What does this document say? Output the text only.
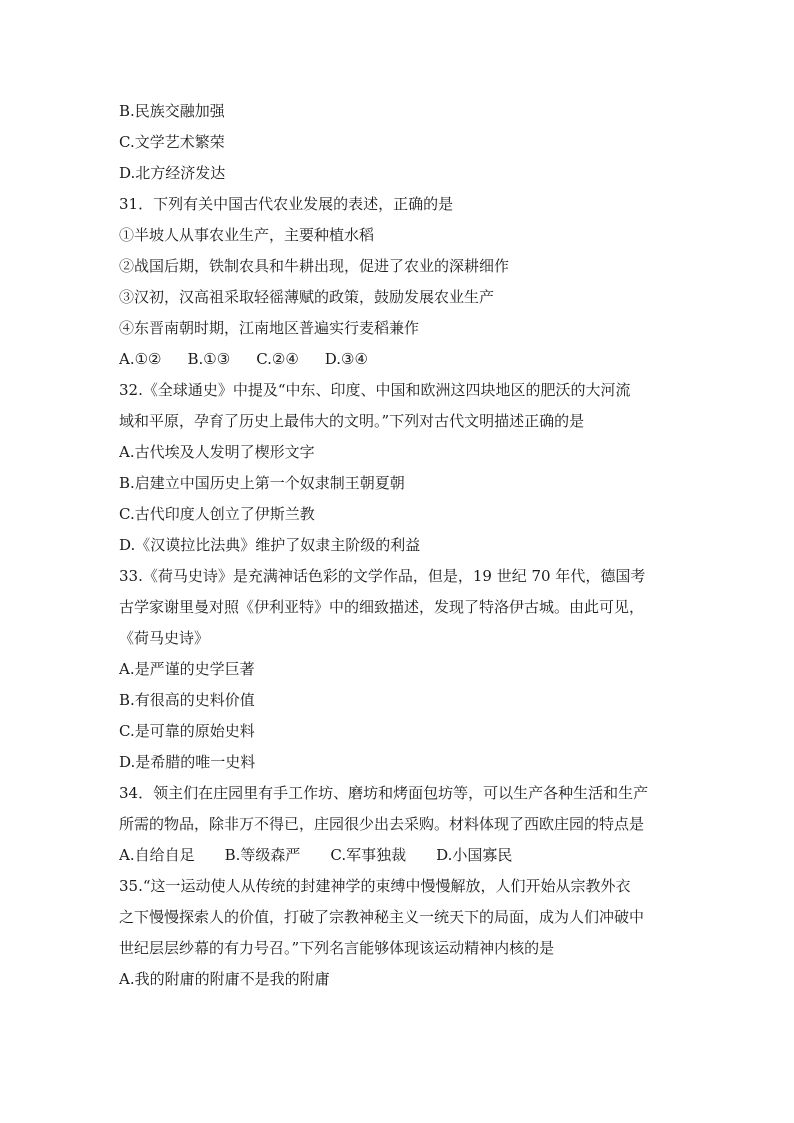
B.民族交融加强
C.文学艺术繁荣
D.北方经济发达
31．下列有关中国古代农业发展的表述，正确的是
①半坡人从事农业生产，主要种植水稻
②战国后期，铁制农具和牛耕出现，促进了农业的深耕细作
③汉初，汉高祖采取轻徭薄赋的政策，鼓励发展农业生产
④东晋南朝时期，江南地区普遍实行麦稻兼作
A.①② B.①③ C.②④ D.③④
32.《全球通史》中提及“中东、印度、中国和欧洲这四块地区的肥沃的大河流
域和平原，孕育了历史上最伟大的文明。”下列对古代文明描述正确的是
A.古代埃及人发明了楔形文字
B.启建立中国历史上第一个奴隶制王朝夏朝
C.古代印度人创立了伊斯兰教
D.《汉谟拉比法典》维护了奴隶主阶级的利益
33.《荷马史诗》是充满神话色彩的文学作品，但是，19 世纪 70 年代，德国考
古学家谢里曼对照《伊利亚特》中的细致描述，发现了特洛伊古城。由此可见，
《荷马史诗》
A.是严谨的史学巨著
B.有很高的史料价值
C.是可靠的原始史料
D.是希腊的唯一史料
34．领主们在庄园里有手工作坊、磨坊和烤面包坊等，可以生产各种生活和生产
所需的物品，除非万不得已，庄园很少出去采购。材料体现了西欧庄园的特点是
A.自给自足 B.等级森严 C.军事独裁 D.小国寡民
35.“这一运动使人从传统的封建神学的束缚中慢慢解放，人们开始从宗教外衣
之下慢慢探索人的价值，打破了宗教神秘主义一统天下的局面，成为人们冲破中
世纪层层纱幕的有力号召。”下列名言能够体现该运动精神内核的是
A.我的附庸的附庸不是我的附庸
